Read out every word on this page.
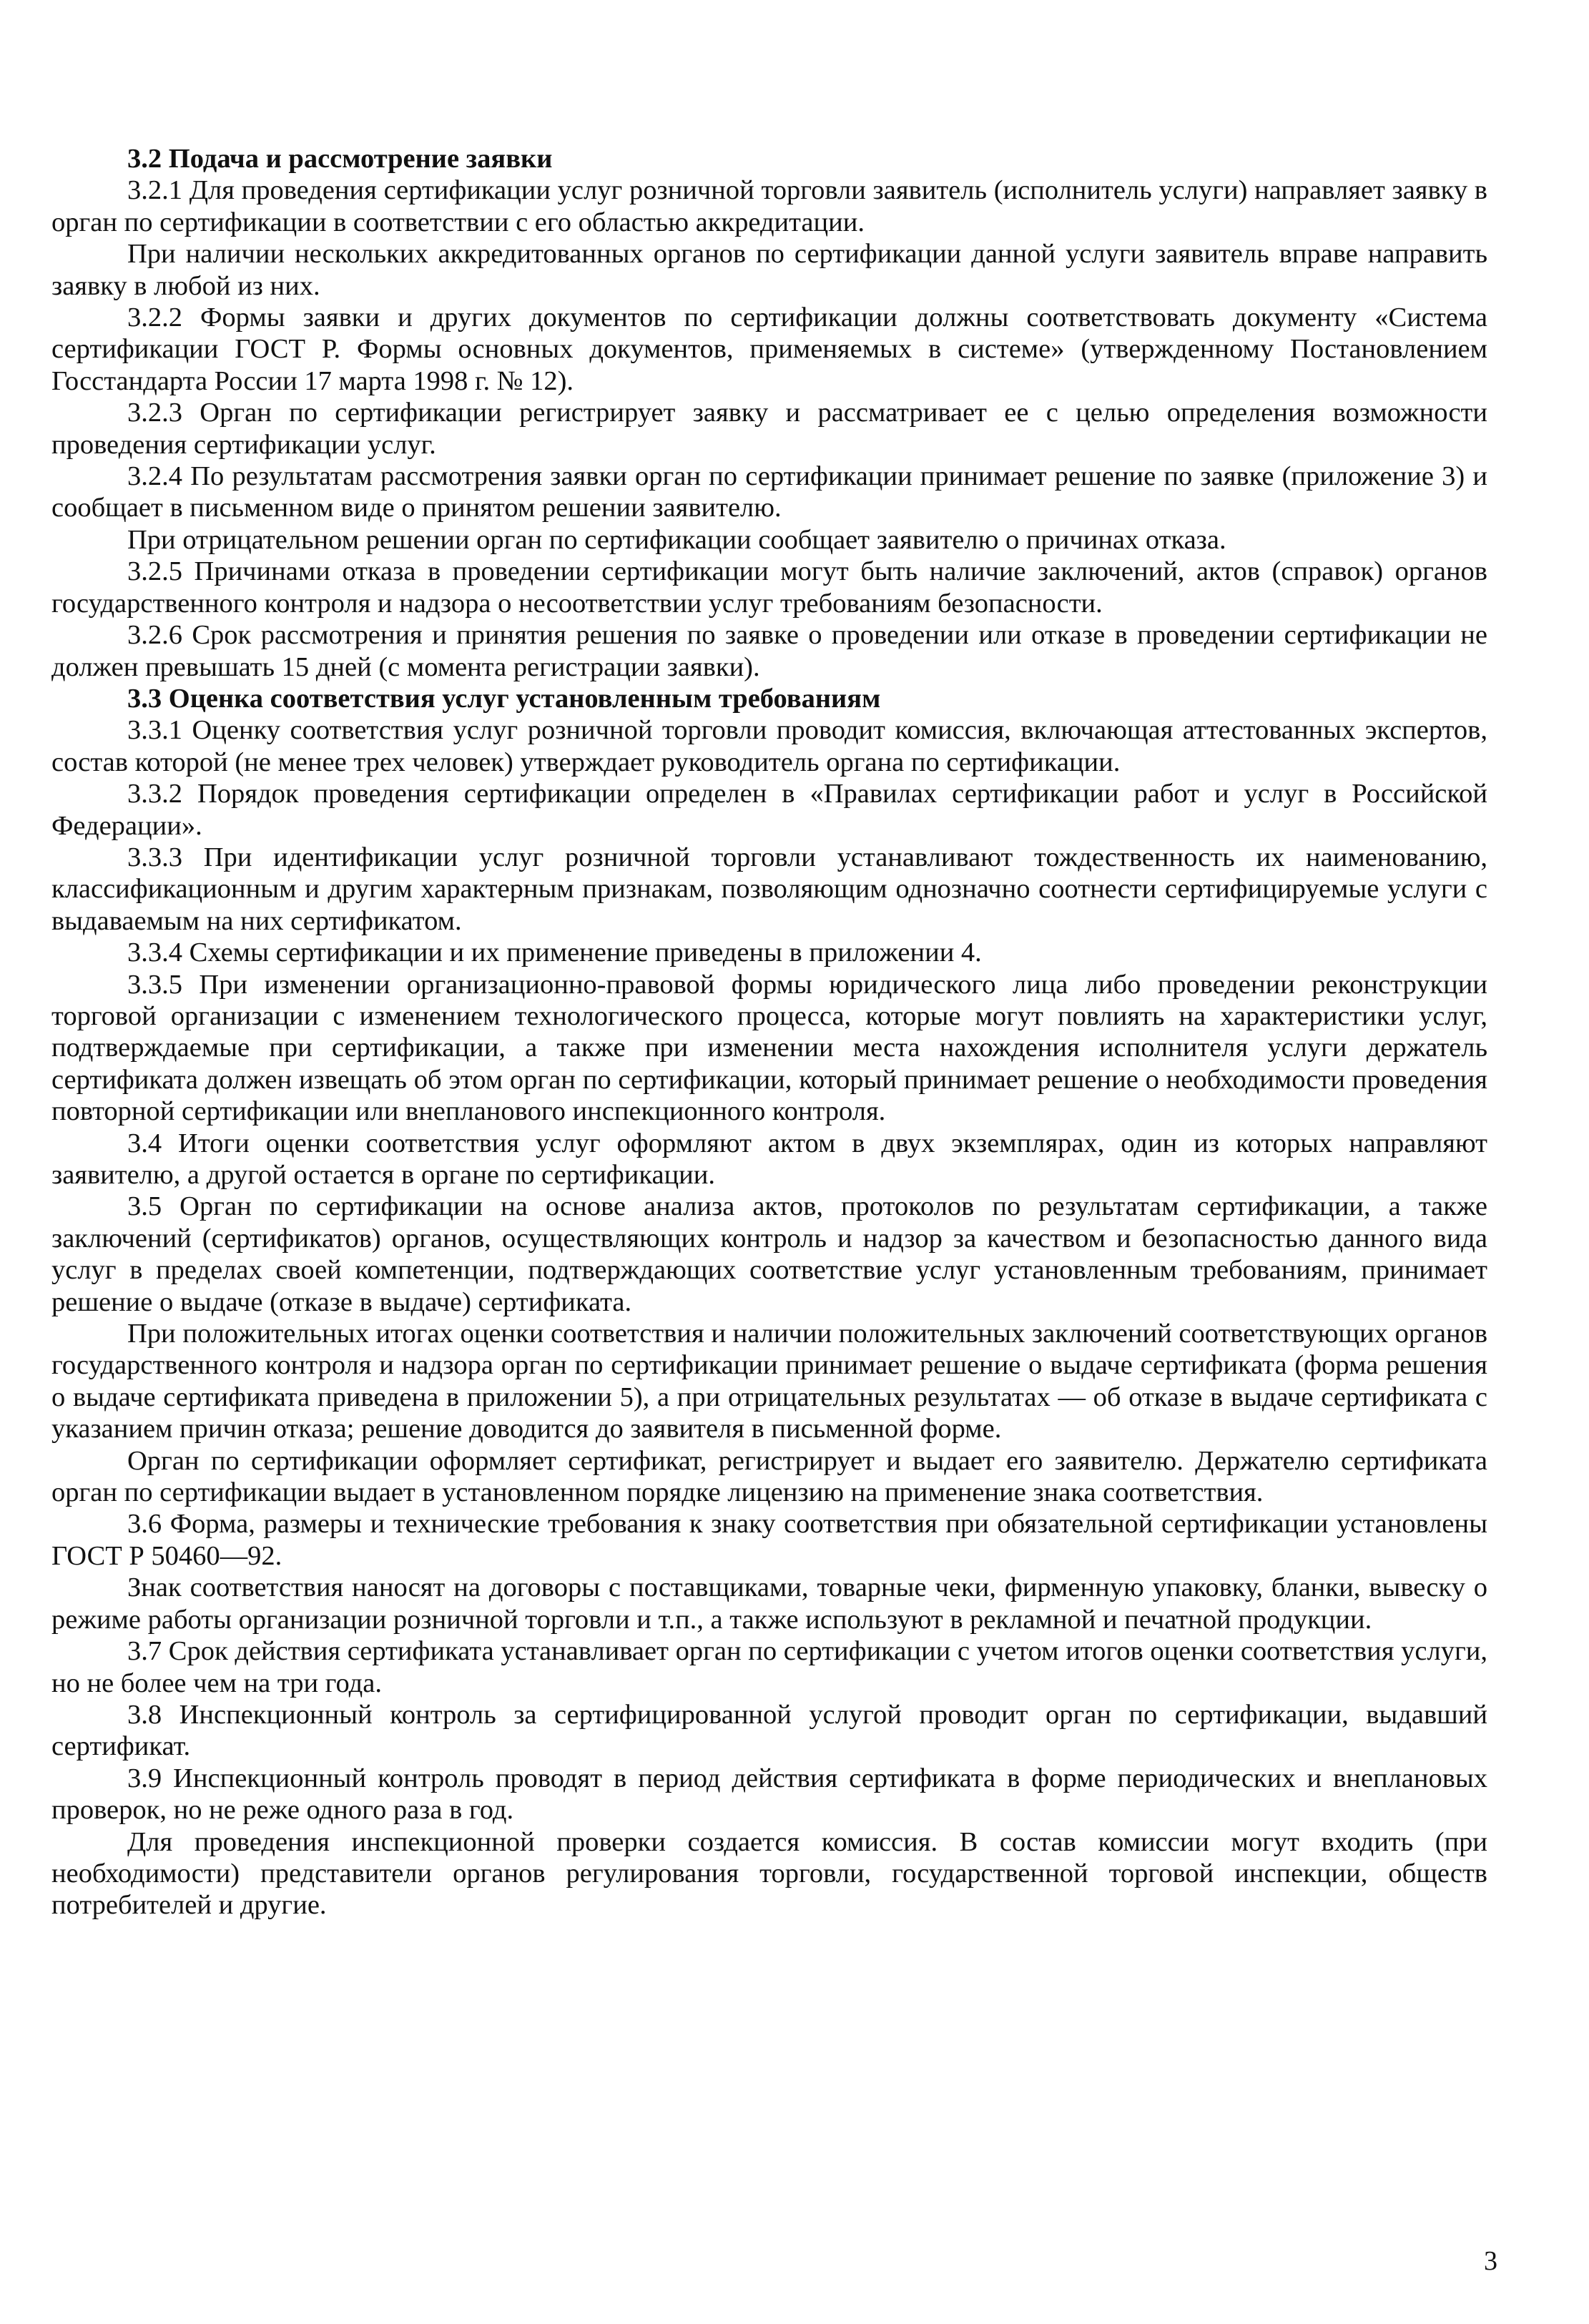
3.2 Подача и рассмотрение заявки

3.2.1 Для проведения сертификации услуг розничной торговли заявитель (исполнитель услуги) направляет заявку в орган по сертификации в соответствии с его областью аккредитации.

При наличии нескольких аккредитованных органов по сертификации данной услуги заявитель вправе направить заявку в любой из них.

3.2.2 Формы заявки и других документов по сертификации должны соответствовать документу «Система сертификации ГОСТ Р. Формы основных документов, применяемых в системе» (утвержденному Постановлением Госстандарта России 17 марта 1998 г. № 12).

3.2.3 Орган по сертификации регистрирует заявку и рассматривает ее с целью определения возможности проведения сертификации услуг.

3.2.4 По результатам рассмотрения заявки орган по сертификации принимает решение по заявке (приложение 3) и сообщает в письменном виде о принятом решении заявителю.

При отрицательном решении орган по сертификации сообщает заявителю о причинах отказа.

3.2.5 Причинами отказа в проведении сертификации могут быть наличие заключений, актов (справок) органов государственного контроля и надзора о несоответствии услуг требованиям безопасности.

3.2.6 Срок рассмотрения и принятия решения по заявке о проведении или отказе в проведении сертификации не должен превышать 15 дней (с момента регистрации заявки).

3.3 Оценка соответствия услуг установленным требованиям

3.3.1 Оценку соответствия услуг розничной торговли проводит комиссия, включающая аттестованных экспертов, состав которой (не менее трех человек) утверждает руководитель органа по сертификации.

3.3.2 Порядок проведения сертификации определен в «Правилах сертификации работ и услуг в Российской Федерации».

3.3.3 При идентификации услуг розничной торговли устанавливают тождественность их наименованию, классификационным и другим характерным признакам, позволяющим однозначно соотнести сертифицируемые услуги с выдаваемым на них сертификатом.

3.3.4 Схемы сертификации и их применение приведены в приложении 4.

3.3.5 При изменении организационно-правовой формы юридического лица либо проведении реконструкции торговой организации с изменением технологического процесса, которые могут повлиять на характеристики услуг, подтверждаемые при сертификации, а также при изменении места нахождения исполнителя услуги держатель сертификата должен извещать об этом орган по сертификации, который принимает решение о необходимости проведения повторной сертификации или внепланового инспекционного контроля.

3.4 Итоги оценки соответствия услуг оформляют актом в двух экземплярах, один из которых направляют заявителю, а другой остается в органе по сертификации.

3.5 Орган по сертификации на основе анализа актов, протоколов по результатам сертификации, а также заключений (сертификатов) органов, осуществляющих контроль и надзор за качеством и безопасностью данного вида услуг в пределах своей компетенции, подтверждающих соответствие услуг установленным требованиям, принимает решение о выдаче (отказе в выдаче) сертификата.

При положительных итогах оценки соответствия и наличии положительных заключений соответствующих органов государственного контроля и надзора орган по сертификации принимает решение о выдаче сертификата (форма решения о выдаче сертификата приведена в приложении 5), а при отрицательных результатах — об отказе в выдаче сертификата с указанием причин отказа; решение доводится до заявителя в письменной форме.

Орган по сертификации оформляет сертификат, регистрирует и выдает его заявителю. Держателю сертификата орган по сертификации выдает в установленном порядке лицензию на применение знака соответствия.

3.6 Форма, размеры и технические требования к знаку соответствия при обязательной сертификации установлены ГОСТ Р 50460—92.

Знак соответствия наносят на договоры с поставщиками, товарные чеки, фирменную упаковку, бланки, вывеску о режиме работы организации розничной торговли и т.п., а также используют в рекламной и печатной продукции.

3.7 Срок действия сертификата устанавливает орган по сертификации с учетом итогов оценки соответствия услуги, но не более чем на три года.

3.8 Инспекционный контроль за сертифицированной услугой проводит орган по сертификации, выдавший сертификат.

3.9 Инспекционный контроль проводят в период действия сертификата в форме периодических и внеплановых проверок, но не реже одного раза в год.

Для проведения инспекционной проверки создается комиссия. В состав комиссии могут входить (при необходимости) представители органов регулирования торговли, государственной торговой инспекции, обществ потребителей и другие.

3
